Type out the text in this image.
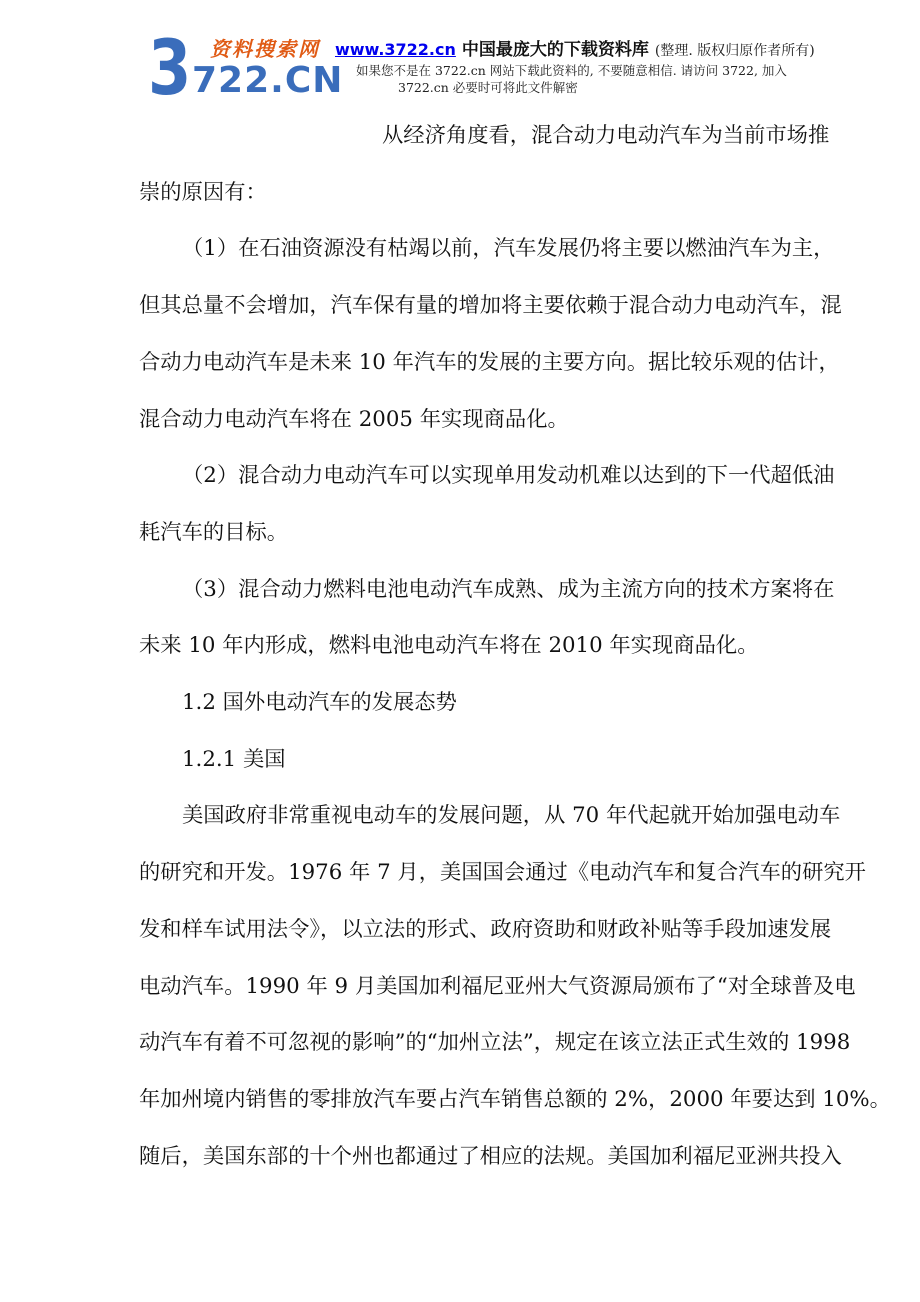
3 资料搜索网
722.CN
www.3722.cn 中国最庞大的下载资料库 (整理. 版权归原作者所有)
如果您不是在 3722.cn 网站下载此资料的, 不要随意相信. 请访问 3722, 加入
3722.cn 必要时可将此文件解密

从经济角度看，混合动力电动汽车为当前市场推

崇的原因有：

（1）在石油资源没有枯竭以前，汽车发展仍将主要以燃油汽车为主，

但其总量不会增加，汽车保有量的增加将主要依赖于混合动力电动汽车，混

合动力电动汽车是未来 10 年汽车的发展的主要方向。据比较乐观的估计，

混合动力电动汽车将在 2005 年实现商品化。

（2）混合动力电动汽车可以实现单用发动机难以达到的下一代超低油

耗汽车的目标。

（3）混合动力燃料电池电动汽车成熟、成为主流方向的技术方案将在

未来 10 年内形成，燃料电池电动汽车将在 2010 年实现商品化。

1.2 国外电动汽车的发展态势

1.2.1 美国

美国政府非常重视电动车的发展问题，从 70 年代起就开始加强电动车

的研究和开发。1976 年 7 月，美国国会通过《电动汽车和复合汽车的研究开

发和样车试用法令》，以立法的形式、政府资助和财政补贴等手段加速发展

电动汽车。1990 年 9 月美国加利福尼亚州大气资源局颁布了“对全球普及电

动汽车有着不可忽视的影响”的“加州立法”，规定在该立法正式生效的 1998

年加州境内销售的零排放汽车要占汽车销售总额的 2%，2000 年要达到 10%。

随后，美国东部的十个州也都通过了相应的法规。美国加利福尼亚洲共投入
